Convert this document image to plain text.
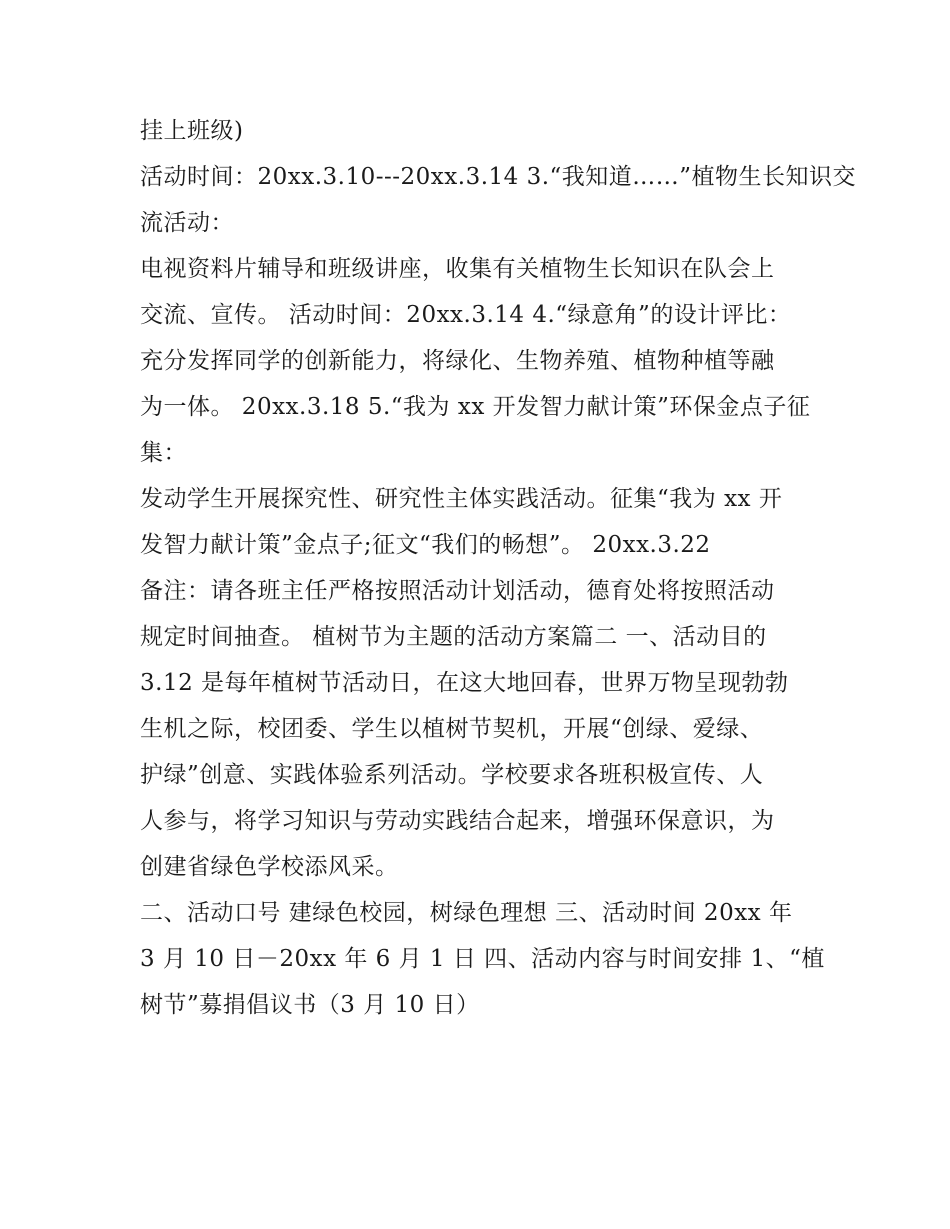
挂上班级)
活动时间：20xx.3.10---20xx.3.14 3.“我知道……”植物生长知识交
流活动：
电视资料片辅导和班级讲座，收集有关植物生长知识在队会上
交流、宣传。 活动时间：20xx.3.14 4.“绿意角”的设计评比：
充分发挥同学的创新能力，将绿化、生物养殖、植物种植等融
为一体。 20xx.3.18 5.“我为 xx 开发智力献计策”环保金点子征
集：
发动学生开展探究性、研究性主体实践活动。征集“我为 xx 开
发智力献计策”金点子;征文“我们的畅想”。 20xx.3.22
备注：请各班主任严格按照活动计划活动，德育处将按照活动
规定时间抽查。 植树节为主题的活动方案篇二 一、活动目的
3.12 是每年植树节活动日，在这大地回春，世界万物呈现勃勃
生机之际，校团委、学生以植树节契机，开展“创绿、爱绿、
护绿”创意、实践体验系列活动。学校要求各班积极宣传、人
人参与，将学习知识与劳动实践结合起来，增强环保意识，为
创建省绿色学校添风采。
二、活动口号 建绿色校园，树绿色理想 三、活动时间 20xx 年
3 月 10 日－20xx 年 6 月 1 日 四、活动内容与时间安排 1、“植
树节”募捐倡议书（3 月 10 日）
